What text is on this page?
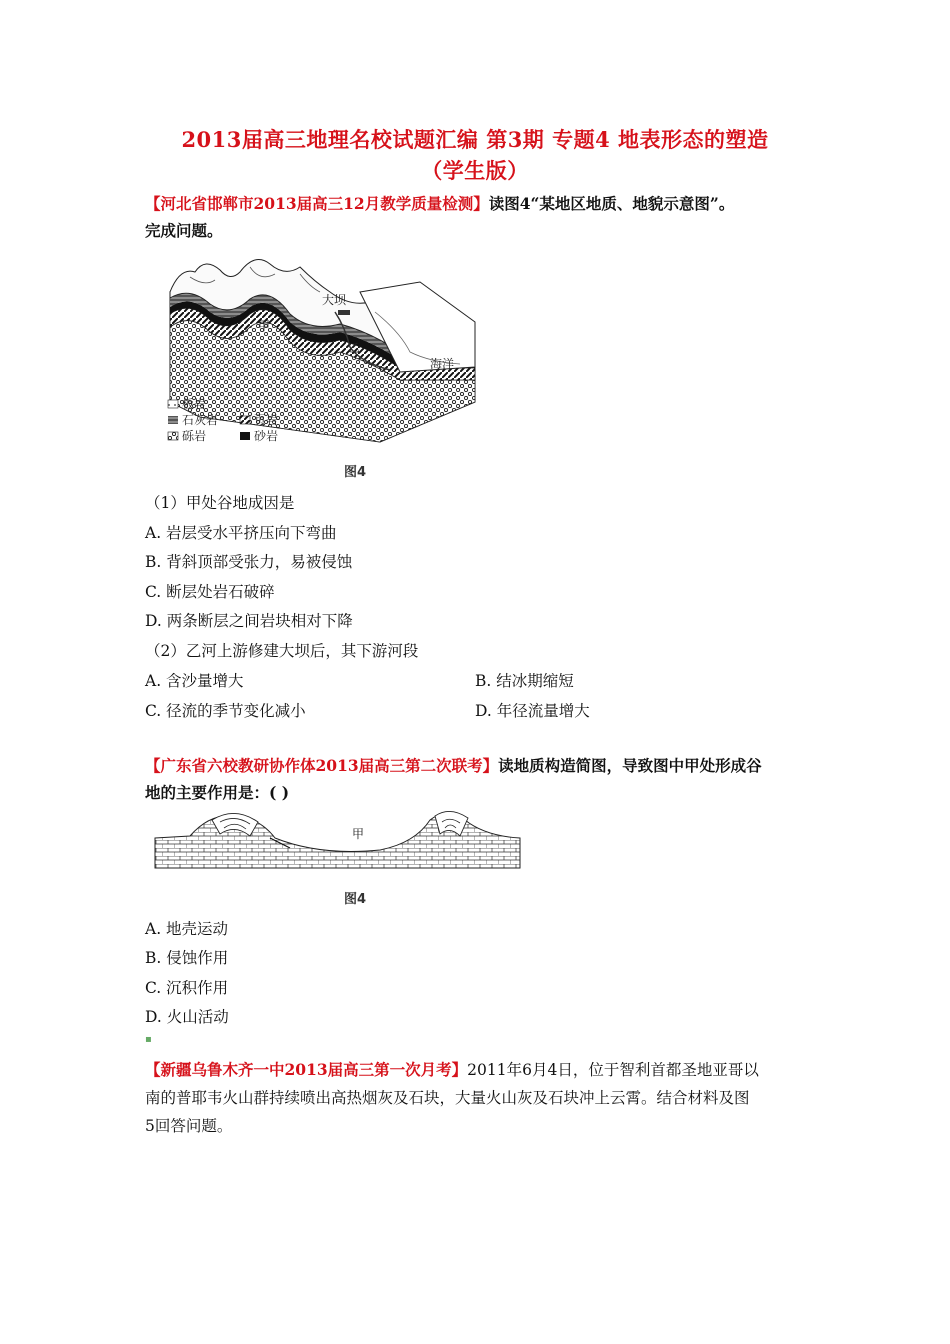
2013届高三地理名校试题汇编 第3期 专题4 地表形态的塑造
（学生版）
【河北省邯郸市2013届高三12月教学质量检测】读图4“某地区地质、地貌示意图”。
完成问题。
大坝
甲
乙
海洋
板岩
石灰岩	页岩
砾岩	砂岩
图4
（1）甲处谷地成因是
A. 岩层受水平挤压向下弯曲
B. 背斜顶部受张力，易被侵蚀
C. 断层处岩石破碎
D. 两条断层之间岩块相对下降
（2）乙河上游修建大坝后，其下游河段
A. 含沙量增大	B. 结冰期缩短
C. 径流的季节变化减小	D. 年径流量增大
【广东省六校教研协作体2013届高三第二次联考】读地质构造简图，导致图中甲处形成谷
地的主要作用是：( )
甲
图4
A. 地壳运动
B. 侵蚀作用
C. 沉积作用
D. 火山活动
▪
【新疆乌鲁木齐一中2013届高三第一次月考】2011年6月4日，位于智利首都圣地亚哥以
南的普耶韦火山群持续喷出高热烟灰及石块，大量火山灰及石块冲上云霄。结合材料及图
5回答问题。
